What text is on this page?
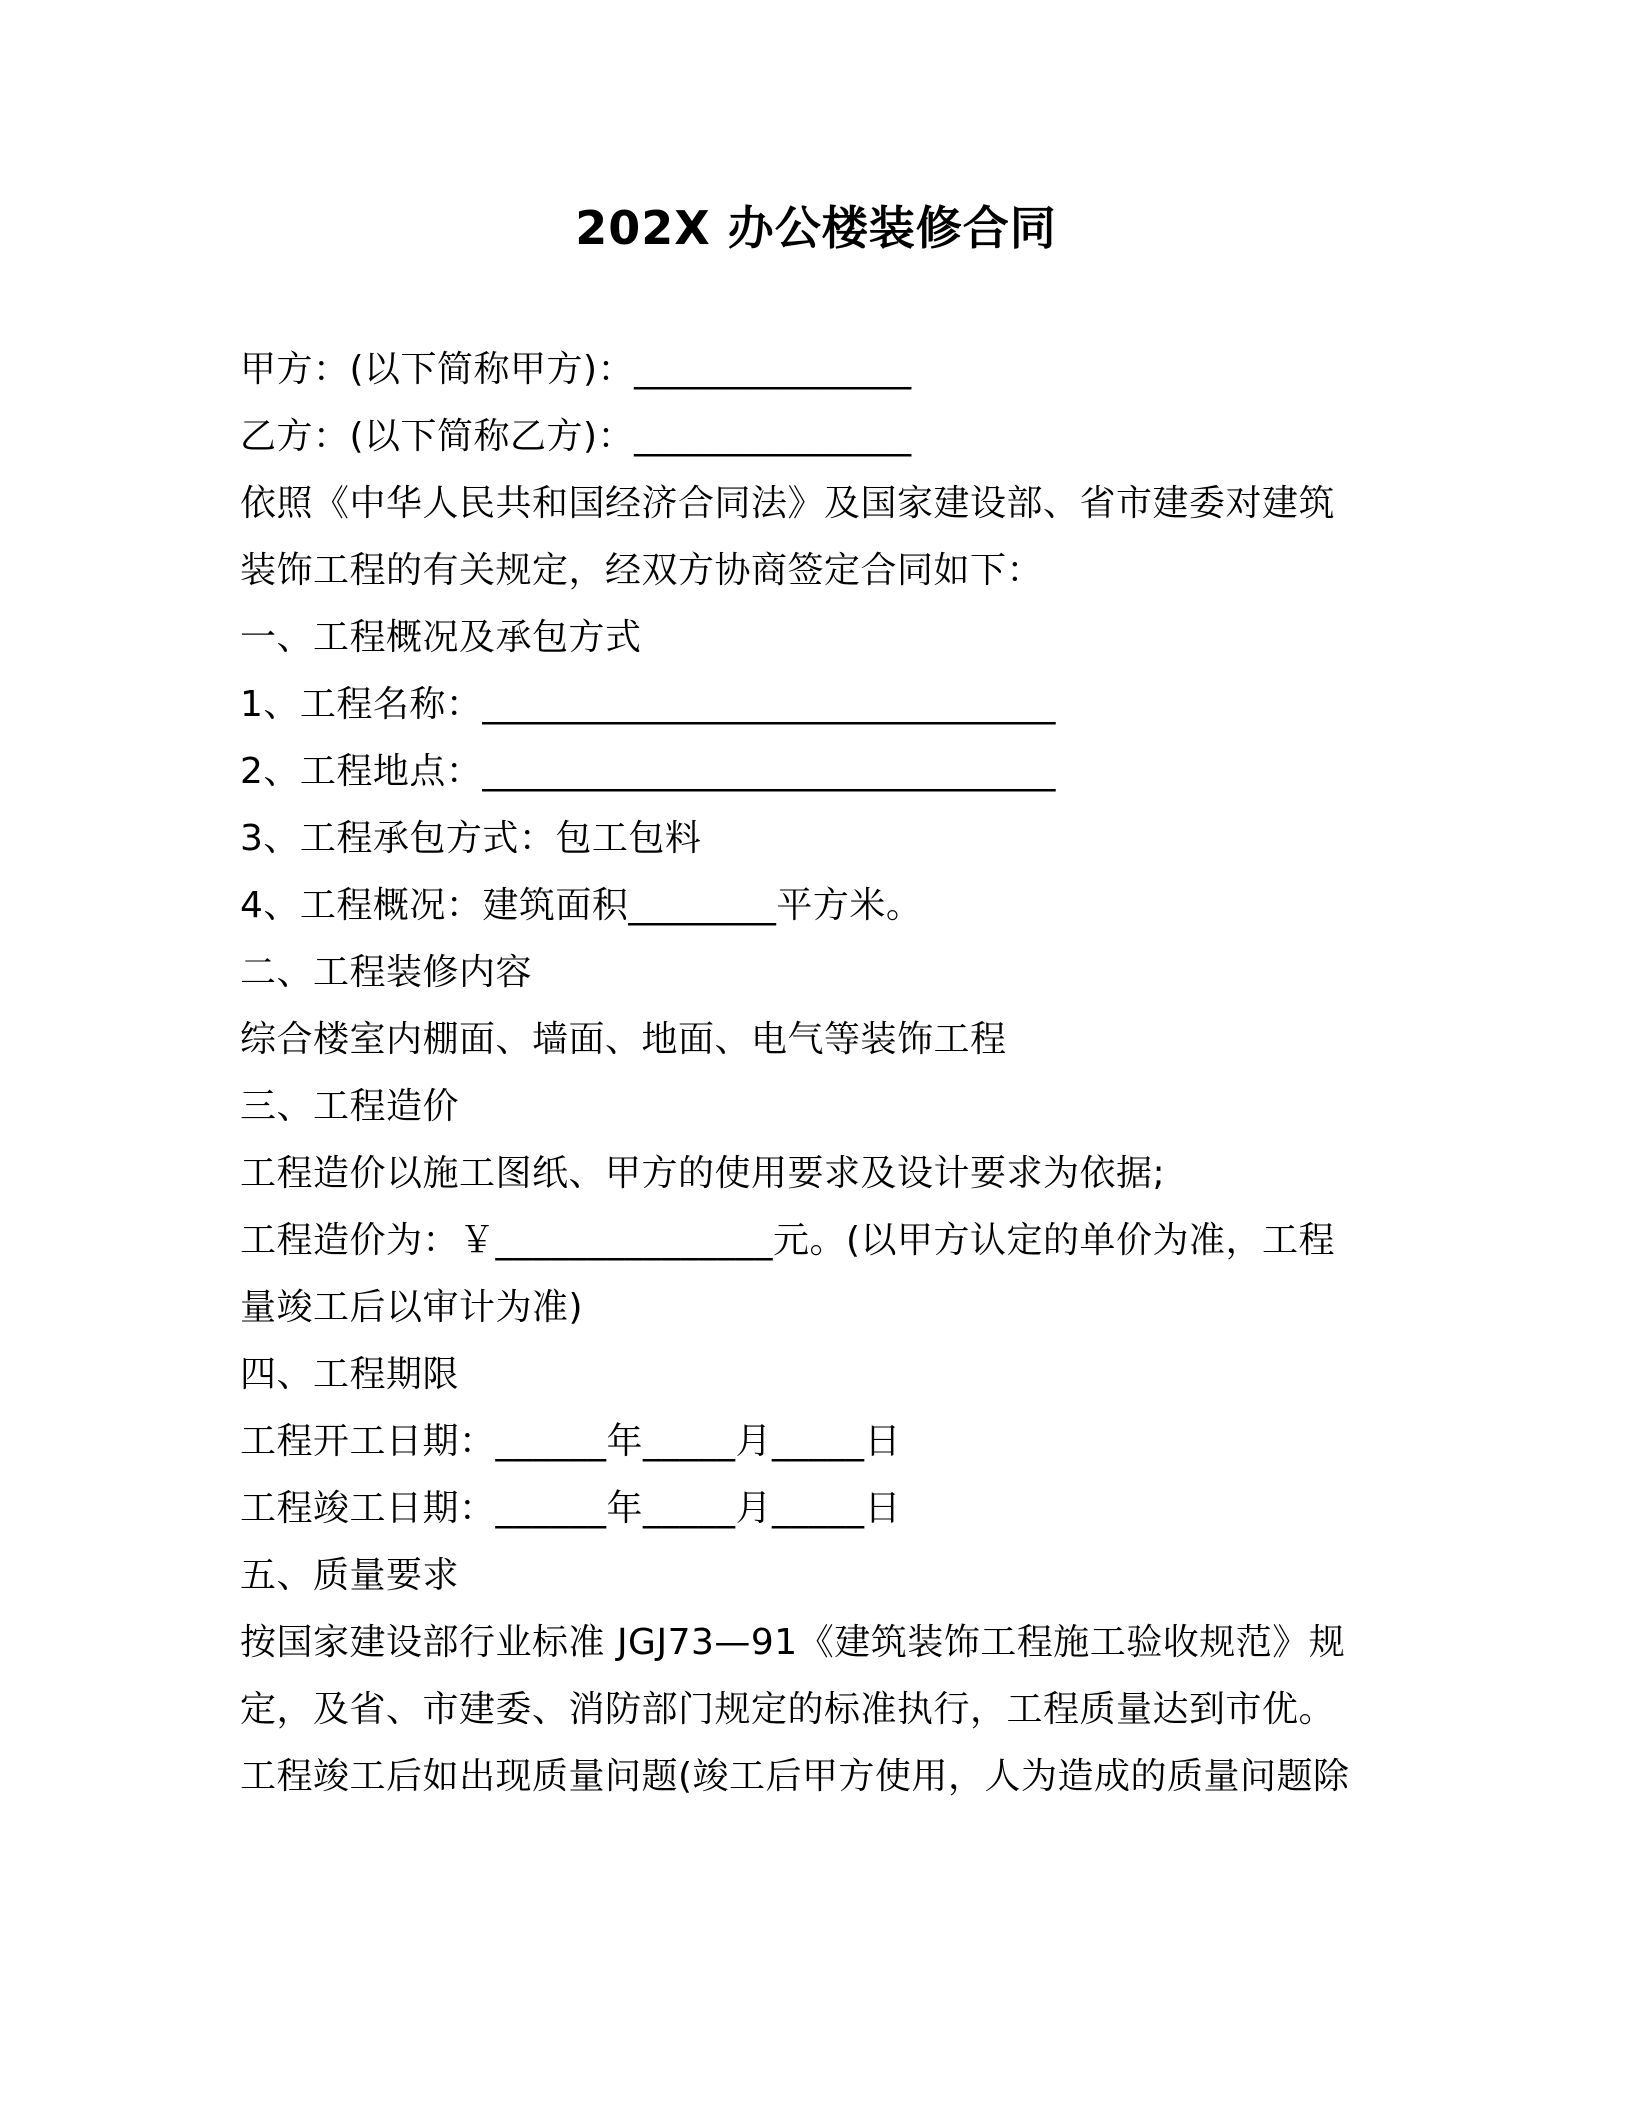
202X 办公楼装修合同
甲方：(以下简称甲方)：_______________
乙方：(以下简称乙方)：_______________
依照《中华人民共和国经济合同法》及国家建设部、省市建委对建筑
装饰工程的有关规定，经双方协商签定合同如下：
一、工程概况及承包方式
1、工程名称：_______________________________
2、工程地点：_______________________________
3、工程承包方式：包工包料
4、工程概况：建筑面积________平方米。
二、工程装修内容
综合楼室内棚面、墙面、地面、电气等装饰工程
三、工程造价
工程造价以施工图纸、甲方的使用要求及设计要求为依据;
工程造价为：￥_______________元。(以甲方认定的单价为准，工程
量竣工后以审计为准)
四、工程期限
工程开工日期：______年_____月_____日
工程竣工日期：______年_____月_____日
五、质量要求
按国家建设部行业标准 JGJ73—91《建筑装饰工程施工验收规范》规
定，及省、市建委、消防部门规定的标准执行，工程质量达到市优。
工程竣工后如出现质量问题(竣工后甲方使用，人为造成的质量问题除
